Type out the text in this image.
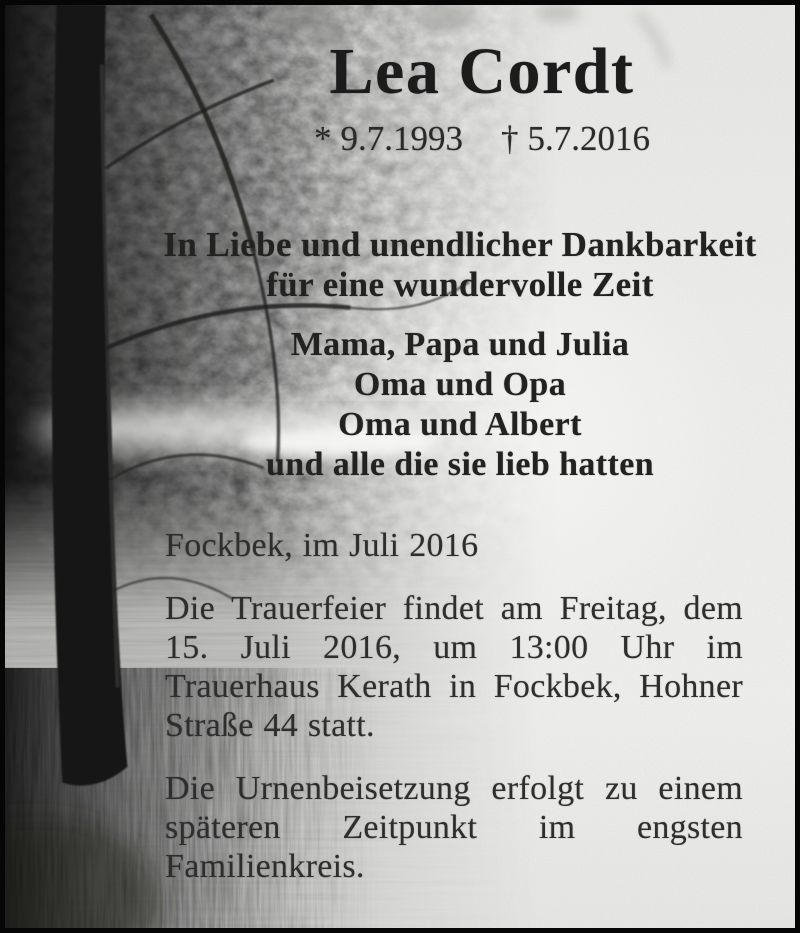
Lea Cordt
* 9.7.1993 † 5.7.2016
In Liebe und unendlicher Dankbarkeit
für eine wundervolle Zeit
Mama, Papa und Julia
Oma und Opa
Oma und Albert
und alle die sie lieb hatten
Fockbek, im Juli 2016

Die Trauerfeier findet am Freitag, dem 15. Juli 2016, um 13:00 Uhr im Trauerhaus Kerath in Fockbek, Hohner Straße 44 statt.

Die Urnenbeisetzung erfolgt zu einem späteren Zeitpunkt im engsten Familienkreis.
